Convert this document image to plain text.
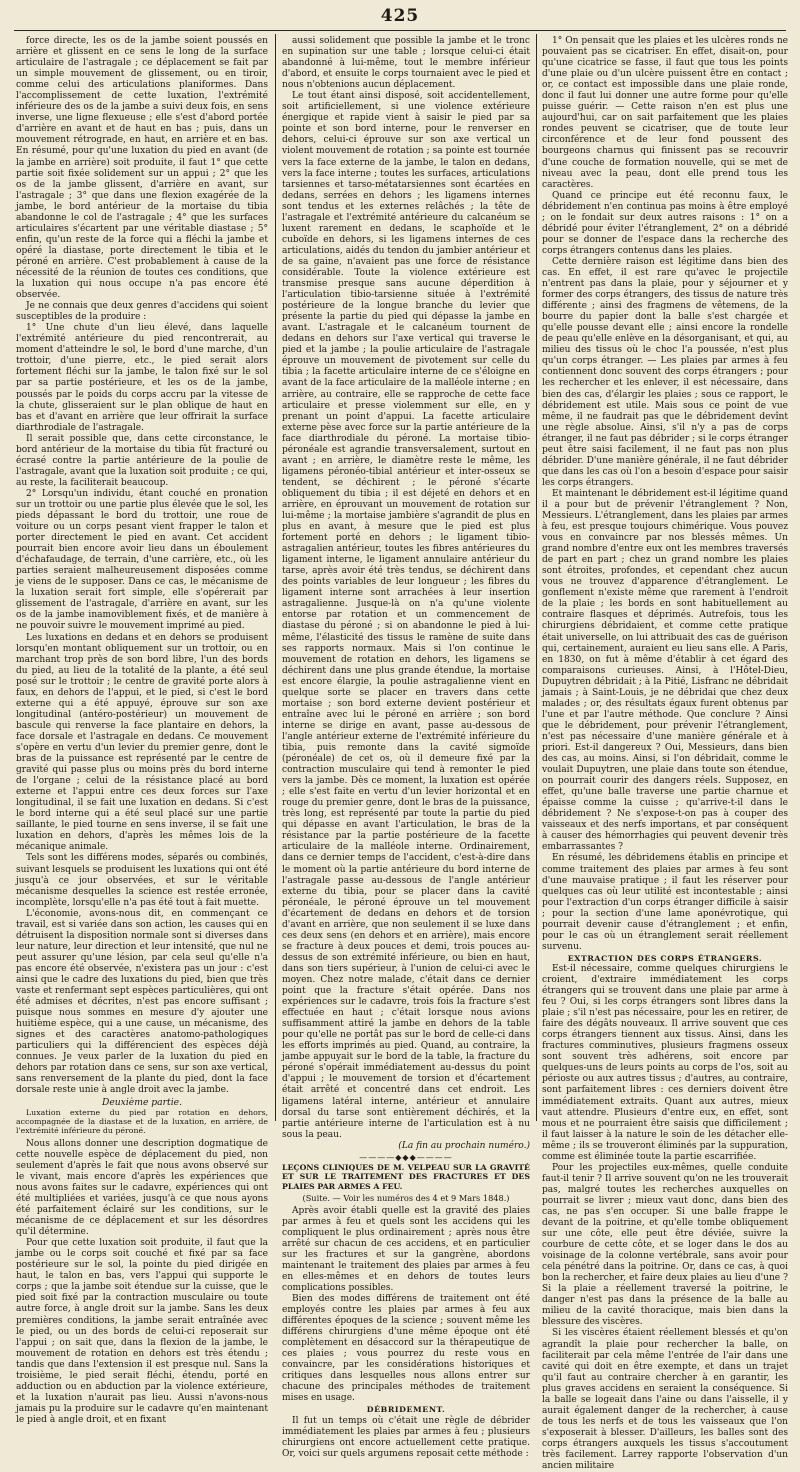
425

force directe, les os de la jambe soient poussés en arrière et glissent en ce sens le long de la surface articulaire de l'astragale ; ce déplacement se fait par un simple mouvement de glissement, ou en tiroir, comme celui des articulations planiformes. Dans l'accomplissement de cette luxation, l'extrémité inférieure des os de la jambe a suivi deux fois, en sens inverse, une ligne flexueuse ; elle s'est d'abord portée d'arrière en avant et de haut en bas ; puis, dans un mouvement rétrograde, en haut, en arrière et en bas. En résumé, pour qu'une luxation du pied en avant (de la jambe en arrière) soit produite, il faut 1° que cette partie soit fixée solidement sur un appui ; 2° que les os de la jambe glissent, d'arrière en avant, sur l'astragale ; 3° que dans une flexion exagérée de la jambe, le bord antérieur de la mortaise du tibia abandonne le col de l'astragale ; 4° que les surfaces articulaires s'écartent par une véritable diastase ; 5° enfin, qu'un reste de la force qui a fléchi la jambe et opéré la diastase, porte directement le tibia et le péroné en arrière. C'est probablement à cause de la nécessité de la réunion de toutes ces conditions, que la luxation qui nous occupe n'a pas encore été observée.

Je ne connais que deux genres d'accidens qui soient susceptibles de la produire :

1° Une chute d'un lieu élevé, dans laquelle l'extrémité antérieure du pied rencontrerait, au moment d'atteindre le sol, le bord d'une marche, d'un trottoir, d'une pierre, etc., le pied serait alors fortement fléchi sur la jambe, le talon fixé sur le sol par sa partie postérieure, et les os de la jambe, poussés par le poids du corps accru par la vitesse de la chute, glisseraient sur le plan oblique de haut en bas et d'avant en arrière que leur offrirait la surface diarthrodiale de l'astragale.

Il serait possible que, dans cette circonstance, le bord antérieur de la mortaise du tibia fût fracturé ou écrasé contre la partie antérieure de la poulie de l'astragale, avant que la luxation soit produite ; ce qui, au reste, la faciliterait beaucoup.

2° Lorsqu'un individu, étant couché en pronation sur un trottoir ou une partie plus élevée que le sol, les pieds dépassant le bord du trottoir, une roue de voiture ou un corps pesant vient frapper le talon et porter directement le pied en avant. Cet accident pourrait bien encore avoir lieu dans un éboulement d'échafaudage, de terrain, d'une carrière, etc., où les parties seraient malheureusement disposées comme je viens de le supposer. Dans ce cas, le mécanisme de la luxation serait fort simple, elle s'opérerait par glissement de l'astragale, d'arrière en avant, sur les os de la jambe inamoviblement fixés, et de manière à ne pouvoir suivre le mouvement imprimé au pied.

Les luxations en dedans et en dehors se produisent lorsqu'en montant obliquement sur un trottoir, ou en marchant trop près de son bord libre, l'un des bords du pied, au lieu de la totalité de la plante, a été seul posé sur le trottoir ; le centre de gravité porte alors à faux, en dehors de l'appui, et le pied, si c'est le bord externe qui a été appuyé, éprouve sur son axe longitudinal (antéro-postérieur) un mouvement de bascule qui renverse la face plantaire en dehors, la face dorsale et l'astragale en dedans. Ce mouvement s'opère en vertu d'un levier du premier genre, dont le bras de la puissance est représenté par le centre de gravité qui passe plus ou moins près du bord interne de l'organe ; celui de la résistance placé au bord externe et l'appui entre ces deux forces sur l'axe longitudinal, il se fait une luxation en dedans. Si c'est le bord interne qui a été seul placé sur une partie saillante, le pied tourne en sens inverse, il se fait une luxation en dehors, d'après les mêmes lois de la mécanique animale.

Tels sont les différens modes, séparés ou combinés, suivant lesquels se produisent les luxations qui ont été jusqu'à ce jour observées, et sur le véritable mécanisme desquelles la science est restée erronée, incomplète, lorsqu'elle n'a pas été tout à fait muette.

L'économie, avons-nous dit, en commençant ce travail, est si variée dans son action, les causes qui en détruisent la disposition normale sont si diverses dans leur nature, leur direction et leur intensité, que nul ne peut assurer qu'une lésion, par cela seul qu'elle n'a pas encore été observée, n'existera pas un jour : c'est ainsi que le cadre des luxations du pied, bien que très vaste et renfermant sept espèces particulières, qui ont été admises et décrites, n'est pas encore suffisant ; puisque nous sommes en mesure d'y ajouter une huitième espèce, qui a une cause, un mécanisme, des signes et des caractères anatomo-pathologiques particuliers qui la différencient des espèces déjà connues. Je veux parler de la luxation du pied en dehors par rotation dans ce sens, sur son axe vertical, sans renversement de la plante du pied, dont la face dorsale reste unie à angle droit avec la jambe.

Deuxième partie.

Luxation externe du pied par rotation en dehors, accompagnée de la diastase et de la luxation, en arrière, de l'extrémité inférieure du péroné.

Nous allons donner une description dogmatique de cette nouvelle espèce de déplacement du pied, non seulement d'après le fait que nous avons observé sur le vivant, mais encore d'après les expériences que nous avons faites sur le cadavre, expériences qui ont été multipliées et variées, jusqu'à ce que nous ayons été parfaitement éclairé sur les conditions, sur le mécanisme de ce déplacement et sur les désordres qu'il détermine.

Pour que cette luxation soit produite, il faut que la jambe ou le corps soit couché et fixé par sa face postérieure sur le sol, la pointe du pied dirigée en haut, le talon en bas, vers l'appui qui supporte le corps ; que la jambe soit étendue sur la cuisse, que le pied soit fixé par la contraction musculaire ou toute autre force, à angle droit sur la jambe. Sans les deux premières conditions, la jambe serait entraînée avec le pied, ou un des bords de celui-ci reposerait sur l'appui ; on sait que, dans la flexion de la jambe, le mouvement de rotation en dehors est très étendu ; tandis que dans l'extension il est presque nul. Sans la troisième, le pied serait fléchi, étendu, porté en adduction ou en abduction par la violence extérieure, et la luxation n'aurait pas lieu. Aussi n'avons-nous jamais pu la produire sur le cadavre qu'en maintenant le pied à angle droit, et en fixant

aussi solidement que possible la jambe et le tronc en supination sur une table ; lorsque celui-ci était abandonné à lui-même, tout le membre inférieur d'abord, et ensuite le corps tournaient avec le pied et nous n'obtenions aucun déplacement.

Le tout étant ainsi disposé, soit accidentellement, soit artificiellement, si une violence extérieure énergique et rapide vient à saisir le pied par sa pointe et son bord interne, pour le renverser en dehors, celui-ci éprouve sur son axe vertical un violent mouvement de rotation ; sa pointe est tournée vers la face externe de la jambe, le talon en dedans, vers la face interne ; toutes les surfaces, articulations tarsiennes et tarso-métatarsiennes sont écartées en dedans, serrées en dehors ; les ligamens internes sont tendus et les externes relâchés ; la tête de l'astragale et l'extrémité antérieure du calcanéum se luxent rarement en dedans, le scaphoïde et le cuboïde en dehors, si les ligamens internes de ces articulations, aidés du tendon du jambier antérieur et de sa gaine, n'avaient pas une force de résistance considérable. Toute la violence extérieure est transmise presque sans aucune déperdition à l'articulation tibio-tarsienne située à l'extrémité postérieure de la longue branche du levier que présente la partie du pied qui dépasse la jambe en avant. L'astragale et le calcanéum tournent de dedans en dehors sur l'axe vertical qui traverse le pied et la jambe ; la poulie articulaire de l'astragale éprouve un mouvement de pivotement sur celle du tibia ; la facette articulaire interne de ce s'éloigne en avant de la face articulaire de la malléole interne ; en arrière, au contraire, elle se rapproche de cette face articulaire et presse violemment sur elle, en y prenant un point d'appui. La facette articulaire externe pèse avec force sur la partie antérieure de la face diarthrodiale du péroné. La mortaise tibio-péronéale est agrandie transversalement, surtout en avant ; en arrière, le diamètre reste le même, les ligamens péronéo-tibial antérieur et inter-osseux se tendent, se déchirent ; le péroné s'écarte obliquement du tibia ; il est déjeté en dehors et en arrière, en éprouvant un mouvement de rotation sur lui-même ; la mortaise jambière s'agrandit de plus en plus en avant, à mesure que le pied est plus fortement porté en dehors ; le ligament tibio-astragalien antérieur, toutes les fibres antérieures du ligament interne, le ligament annulaire antérieur du tarse, après avoir été très tendus, se déchirent dans des points variables de leur longueur ; les fibres du ligament interne sont arrachées à leur insertion astragalienne. Jusque-là on n'a qu'une violente entorse par rotation et un commencement de diastase du péroné ; si on abandonne le pied à lui-même, l'élasticité des tissus le ramène de suite dans ses rapports normaux. Mais si l'on continue le mouvement de rotation en dehors, les ligamens se déchirent dans une plus grande étendue, la mortaise est encore élargie, la poulie astragalienne vient en quelque sorte se placer en travers dans cette mortaise ; son bord externe devient postérieur et entraîne avec lui le péroné en arrière ; son bord interne se dirige en avant, passe au-dessous de l'angle antérieur externe de l'extrémité inférieure du tibia, puis remonte dans la cavité sigmoïde (péronéale) de cet os, où il demeure fixé par la contraction musculaire qui tend à remonter le pied vers la jambe. Dès ce moment, la luxation est opérée ; elle s'est faite en vertu d'un levier horizontal et en rouge du premier genre, dont le bras de la puissance, très long, est représenté par toute la partie du pied qui dépasse en avant l'articulation, le bras de la résistance par la partie postérieure de la facette articulaire de la malléole interne. Ordinairement, dans ce dernier temps de l'accident, c'est-à-dire dans le moment où la partie antérieure du bord interne de l'astragale passe au-dessous de l'angle antérieur externe du tibia, pour se placer dans la cavité péronéale, le péroné éprouve un tel mouvement d'écartement de dedans en dehors et de torsion d'avant en arrière, que non seulement il se luxe dans ces deux sens (en dehors et en arrière), mais encore se fracture à deux pouces et demi, trois pouces au-dessus de son extrémité inférieure, ou bien en haut, dans son tiers supérieur, à l'union de celui-ci avec le moyen. Chez notre malade, c'était dans ce dernier point que la fracture s'était opérée. Dans nos expériences sur le cadavre, trois fois la fracture s'est effectuée en haut ; c'était lorsque nous avions suffisamment attiré la jambe en dehors de la table pour qu'elle ne portât pas sur le bord de celle-ci dans les efforts imprimés au pied. Quand, au contraire, la jambe appuyait sur le bord de la table, la fracture du péroné s'opérait immédiatement au-dessus du point d'appui ; le mouvement de torsion et d'écartement était arrêté et concentré dans cet endroit. Les ligamens latéral interne, antérieur et annulaire dorsal du tarse sont entièrement déchirés, et la partie antérieure interne de l'articulation est à nu sous la peau.

(La fin au prochain numéro.)

————◆◆◆————

LEÇONS CLINIQUES DE M. VELPEAU SUR LA GRAVITÉ ET SUR LE TRAITEMENT DES FRACTURES ET DES PLAIES PAR ARMES A FEU.

(Suite. — Voir les numéros des 4 et 9 Mars 1848.)

Après avoir établi quelle est la gravité des plaies par armes à feu et quels sont les accidens qui les compliquent le plus ordinairement ; après nous être arrêté sur chacun de ces accidens, et en particulier sur les fractures et sur la gangrène, abordons maintenant le traitement des plaies par armes à feu en elles-mêmes et en dehors de toutes leurs complications possibles.

Bien des modes différens de traitement ont été employés contre les plaies par armes à feu aux différentes époques de la science ; souvent même les différens chirurgiens d'une même époque ont été complètement en désaccord sur la thérapeutique de ces plaies ; vous pourrez du reste vous en convaincre, par les considérations historiques et critiques dans lesquelles nous allons entrer sur chacune des principales méthodes de traitement mises en usage.

DÉBRIDEMENT.

Il fut un temps où c'était une règle de débrider immédiatement les plaies par armes à feu ; plusieurs chirurgiens ont encore actuellement cette pratique. Or, voici sur quels argumens reposait cette méthode :

1° On pensait que les plaies et les ulcères ronds ne pouvaient pas se cicatriser. En effet, disait-on, pour qu'une cicatrice se fasse, il faut que tous les points d'une plaie ou d'un ulcère puissent être en contact ; or, ce contact est impossible dans une plaie ronde, donc il faut lui donner une autre forme pour qu'elle puisse guérir. — Cette raison n'en est plus une aujourd'hui, car on sait parfaitement que les plaies rondes peuvent se cicatriser, que de toute leur circonférence et de leur fond poussent des bourgeons charnus qui finissent pas se recouvrir d'une couche de formation nouvelle, qui se met de niveau avec la peau, dont elle prend tous les caractères.

Quand ce principe eut été reconnu faux, le débridement n'en continua pas moins à être employé ; on le fondait sur deux autres raisons : 1° on a débridé pour éviter l'étranglement, 2° on a débridé pour se donner de l'espace dans la recherche des corps étrangers contenus dans les plaies.

Cette dernière raison est légitime dans bien des cas. En effet, il est rare qu'avec le projectile n'entrent pas dans la plaie, pour y séjourner et y former des corps étrangers, des tissus de nature très différente ; ainsi des fragmens de vêtemens, de la bourre du papier dont la balle s'est chargée et qu'elle pousse devant elle ; ainsi encore la rondelle de peau qu'elle enlève en la désorganisant, et qui, au milieu des tissus où le choc l'a poussée, n'est plus qu'un corps étranger. — Les plaies par armes à feu contiennent donc souvent des corps étrangers ; pour les rechercher et les enlever, il est nécessaire, dans bien des cas, d'élargir les plaies ; sous ce rapport, le débridement est utile. Mais sous ce point de vue même, il ne faudrait pas que le débridement devînt une règle absolue. Ainsi, s'il n'y a pas de corps étranger, il ne faut pas débrider ; si le corps étranger peut être saisi facilement, il ne faut pas non plus débrider. D'une manière générale, il ne faut débrider que dans les cas où l'on a besoin d'espace pour saisir les corps étrangers.

Et maintenant le débridement est-il légitime quand il a pour but de prévenir l'étranglement ? Non, Messieurs. L'étranglement, dans les plaies par armes à feu, est presque toujours chimérique. Vous pouvez vous en convaincre par nos blessés mêmes. Un grand nombre d'entre eux ont les membres traversés de part en part ; chez un grand nombre les plaies sont étroites, profondes, et cependant chez aucun vous ne trouvez d'apparence d'étranglement. Le gonflement n'existe même que rarement à l'endroit de la plaie ; les bords en sont habituellement au contraire flasques et déprimés. Autrefois, tous les chirurgiens débridaient, et comme cette pratique était universelle, on lui attribuait des cas de guérison qui, certainement, auraient eu lieu sans elle. A Paris, en 1830, on fut à même d'établir à cet égard des comparaisons curieuses. Ainsi, à l'Hôtel-Dieu, Dupuytren débridait ; à la Pitié, Lisfranc ne débridait jamais ; à Saint-Louis, je ne débridai que chez deux malades ; or, des résultats égaux furent obtenus par l'une et par l'autre méthode. Que conclure ? Ainsi que le débridement, pour prévenir l'étranglement, n'est pas nécessaire d'une manière générale et à priori. Est-il dangereux ? Oui, Messieurs, dans bien des cas, au moins. Ainsi, si l'on débridait, comme le voulait Dupuytren, une plaie dans toute son étendue, on pourrait courir des dangers réels. Supposez, en effet, qu'une balle traverse une partie charnue et épaisse comme la cuisse ; qu'arrive-t-il dans le débridement ? Ne s'expose-t-on pas à couper des vaisseaux et des nerfs importans, et par conséquent à causer des hémorrhagies qui peuvent devenir très embarrassantes ?

En résumé, les débridemens établis en principe et comme traitement des plaies par armes à feu sont d'une mauvaise pratique ; il faut les réserver pour quelques cas où leur utilité est incontestable ; ainsi pour l'extraction d'un corps étranger difficile à saisir ; pour la section d'une lame aponévrotique, qui pourrait devenir cause d'étranglement ; et enfin, pour le cas où un étranglement serait réellement survenu.

EXTRACTION DES CORPS ÉTRANGERS.

Est-il nécessaire, comme quelques chirurgiens le croient, d'extraire immédiatement les corps étrangers qui se trouvent dans une plaie par arme à feu ? Oui, si les corps étrangers sont libres dans la plaie ; s'il n'est pas nécessaire, pour les en retirer, de faire des dégâts nouveaux. Il arrive souvent que ces corps étrangers tiennent aux tissus. Ainsi, dans les fractures comminutives, plusieurs fragmens osseux sont souvent très adhérens, soit encore par quelques-uns de leurs points au corps de l'os, soit au périoste ou aux autres tissus ; d'autres, au contraire, sont parfaitement libres : ces derniers doivent être immédiatement extraits. Quant aux autres, mieux vaut attendre. Plusieurs d'entre eux, en effet, sont mous et ne pourraient être saisis que difficilement ; il faut laisser à la nature le soin de les détacher elle-même ; ils se trouveront éliminés par la suppuration, comme est éliminée toute la partie escarrifiée.

Pour les projectiles eux-mêmes, quelle conduite faut-il tenir ? Il arrive souvent qu'on ne les trouverait pas, malgré toutes les recherches auxquelles on pourrait se livrer ; mieux vaut donc, dans bien des cas, ne pas s'en occuper. Si une balle frappe le devant de la poitrine, et qu'elle tombe obliquement sur une côte, elle peut être déviée, suivre la courbure de cette côte, et se loger dans le dos au voisinage de la colonne vertébrale, sans avoir pour cela pénétré dans la poitrine. Or, dans ce cas, à quoi bon la rechercher, et faire deux plaies au lieu d'une ? Si la plaie a réellement traversé la poitrine, le danger n'est pas dans la présence de la balle au milieu de la cavité thoracique, mais bien dans la blessure des viscères.

Si les viscères étaient réellement blessés et qu'on agrandît la plaie pour rechercher la balle, on faciliterait par cela même l'entrée de l'air dans une cavité qui doit en être exempte, et dans un trajet qu'il faut au contraire chercher à en garantir, les plus graves accidens en seraient la conséquence. Si la balle se logeait dans l'aine ou dans l'aisselle, il y aurait également danger de la rechercher, à cause de tous les nerfs et de tous les vaisseaux que l'on s'exposerait à blesser. D'ailleurs, les balles sont des corps étrangers auxquels les tissus s'accoutument très facilement. Larrey rapporte l'observation d'un ancien militaire
